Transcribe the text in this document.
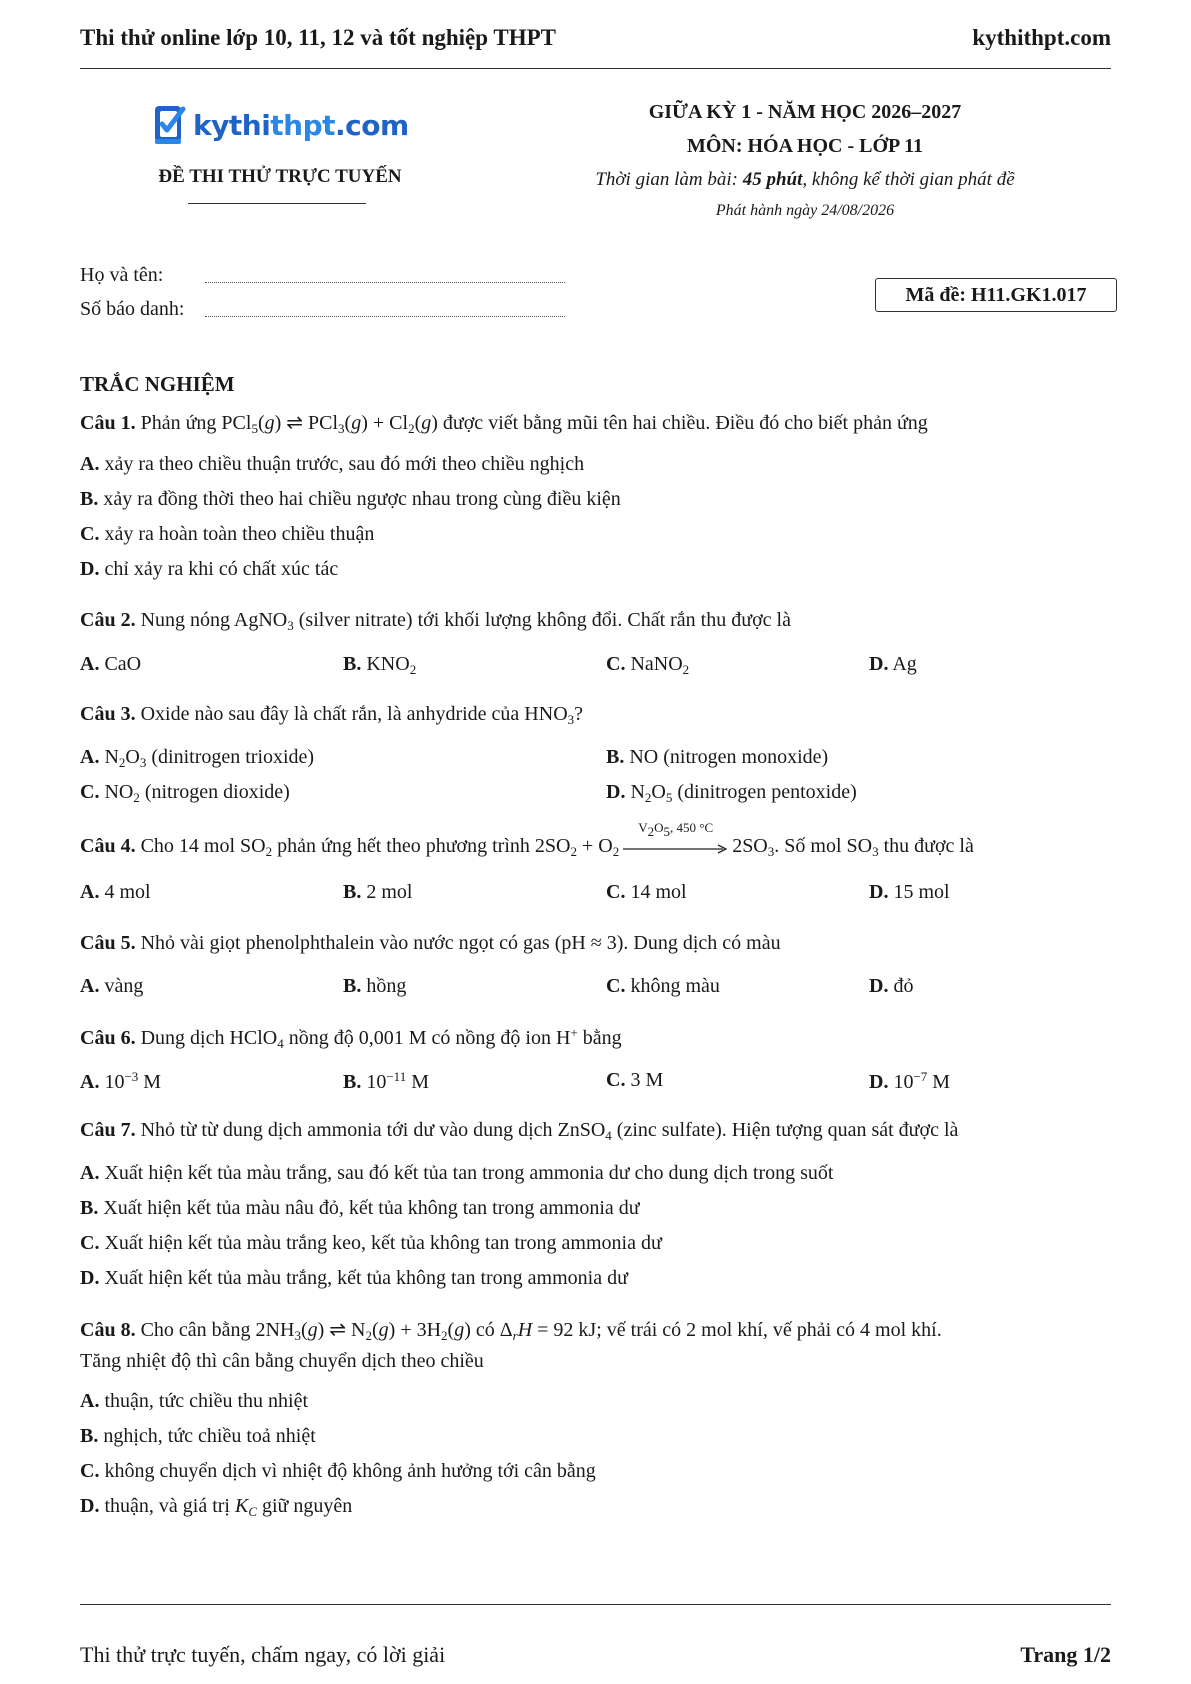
Thi thử online lớp 10, 11, 12 và tốt nghiệp THPT	kythithpt.com
kythithpt.com
ĐỀ THI THỬ TRỰC TUYẾN
GIỮA KỲ 1 - NĂM HỌC 2026–2027
MÔN: HÓA HỌC - LỚP 11
Thời gian làm bài: 45 phút, không kể thời gian phát đề
Phát hành ngày 24/08/2026
Họ và tên:
Số báo danh:
Mã đề: H11.GK1.017
TRẮC NGHIỆM
Câu 1. Phản ứng PCl$_5$(g) ⇌ $PCl_3(g) + Cl_2(g)$ được viết bằng mũi tên hai chiều. Điều đó cho biết phản ứng
A. xảy ra theo chiều thuận trước, sau đó mới theo chiều nghịch
B. xảy ra đồng thời theo hai chiều ngược nhau trong cùng điều kiện
C. xảy ra hoàn toàn theo chiều thuận
D. chỉ xảy ra khi có chất xúc tác
Câu 2. Nung nóng AgNO$_3$ (silver nitrate) tới khối lượng không đổi. Chất rắn thu được là
A. CaO	B. $KNO_2$	C. NaNO$_2$	D. Ag
Câu 3. Oxide nào sau đây là chất rắn, là anhydride của $HNO_3$?
A. $N_2O_3$ (dinitrogen trioxide)	B. NO (nitrogen monoxide)
C. $NO_2$ (nitrogen dioxide)	D. $N_2O_5$ (dinitrogen pentoxide)
Câu 4. Cho 14 mol $SO_2$ phản ứng hết theo phương trình $2SO_2 + O_2$
$V_2O_5$, 450 °C
$2SO_3$. Số mol $SO_3$ thu được là
A. 4 mol	B. 2 mol	C. 14 mol	D. 15 mol
Câu 5. Nhỏ vài giọt phenolphthalein vào nước ngọt có gas (pH ≈ 3). Dung dịch có màu
A. vàng	B. hồng	C. không màu	D. đỏ
Câu 6. Dung dịch HClO$_4$ nồng độ 0,001 M có nồng độ ion H+ bằng
A. $10^{-3}$ M	B. $10^{-11}$ M	C. 3 M	D. $10^{-7}$ M
Câu 7. Nhỏ từ từ dung dịch ammonia tới dư vào dung dịch ZnSO$_4$ (zinc sulfate). Hiện tượng quan sát được là
A. Xuất hiện kết tủa màu trắng, sau đó kết tủa tan trong ammonia dư cho dung dịch trong suốt
B. Xuất hiện kết tủa màu nâu đỏ, kết tủa không tan trong ammonia dư
C. Xuất hiện kết tủa màu trắng keo, kết tủa không tan trong ammonia dư
D. Xuất hiện kết tủa màu trắng, kết tủa không tan trong ammonia dư
Câu 8. Cho cân bằng $2NH_3(g)$ ⇌ $N_2(g) + 3H_2(g)$ có $\Delta_rH = 92$ kJ; vế trái có 2 mol khí, vế phải có 4 mol khí.
Tăng nhiệt độ thì cân bằng chuyển dịch theo chiều
A. thuận, tức chiều thu nhiệt
B. nghịch, tức chiều toả nhiệt
C. không chuyển dịch vì nhiệt độ không ảnh hưởng tới cân bằng
D. thuận, và giá trị $K_C$ giữ nguyên
Thi thử trực tuyến, chấm ngay, có lời giải	Trang 1/2
